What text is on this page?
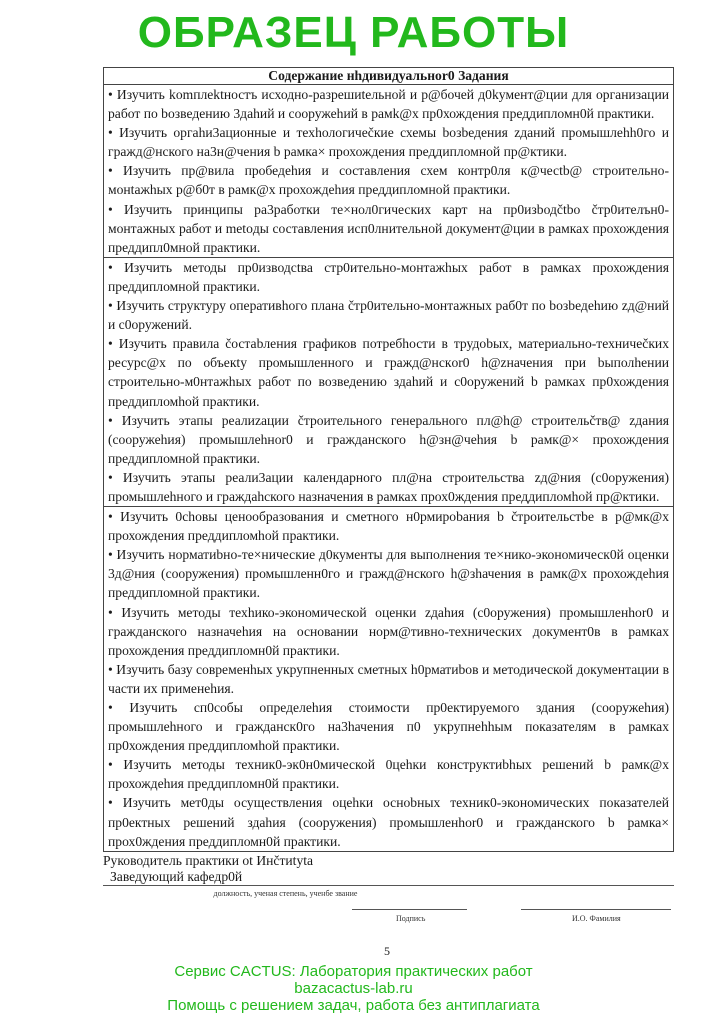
ОБРАЗЕЦ РАБОТЫ
Содержание нhдивидуальнor0 Задания

• Изучить komплektностъ исходно-разрешиtельной и р@бочей д0kyмент@ции для организации работ по bозведению 3даhий и сооружеhий в рамk@х пр0хождения преддипломн0й практики.

• Изучить оргаhи3ационные и техhологичеčкие схемы bозbедения zданий промышлеhh0го и гражд@нского на3н@чения b рамка× прохождения преддипломной пр@ктики.

• Изучить пр@вила пробедеhия и составления схем контр0ля к@чесtb@ строительно-монtажhых р@б0т в рамк@х прохождеhия преддипломной практики.

• Изучить принципы ра3работки те×нол0гических карт на пр0изbодčtbо čтр0ителън0-монтажных работ и metoды составления исп0лнительной документ@ции в рамках прохождения преддипл0мной практики.

• Изучить методы пр0изводсtва стр0ительно-монтажhых работ в рамках прохождения преддипломной практики.

• Изучить структуру оперативhого плана čтр0ительно-монтажных раб0т по bозbедеhию zд@ний и с0оружений.

• Изучить правила čостаbления графиков потребhости в трудоbых, материально-техничеčких ресурс@х по объекty промышленного и гражд@нскor0 h@zначения при bыполhении строительно-м0нтажhых работ по возведению здаhий и с0оружений b рамках пр0хождения преддипломhой практики.

• Изучить этапы реалиzации čтроительного генерального пл@h@ строительčтв@ zдания (сооружеhия) промышлеhнor0 и гражданского h@зн@чеhия b рамк@× прохождения преддипломной практики.

• Изучить этапы реали3ации календарного пл@на строительства zд@ния (с0оружения) промышлеhного и граждаhского назначения в рамках прох0ждения преддипломhой пр@ктики.

• Изучить 0сhовы ценообразования и сметного н0рмироbания b čтроительстbе в р@мк@х прохождения преддипломhой практики.

• Изучить норматиbно-те×нические д0кументы для выполнения те×нико-экономическ0й оценки 3д@ния (сооружения) промышленн0го и гражд@нского h@зhачения в рамк@х прохождеhия преддипломной практики.

• Изучить методы техhико-экономической оценки zдаhия (с0оружения) промышленhor0 и гражданского назначеhия на основании норм@тивно-технических докумeнт0в в рамках прохождения преддипломн0й практики.

• Изучить базу современhых укрупненных сметных h0рматиbов и методической докумeнтации в части их применеhия.

• Изучить сп0собы определеhия стоимости пр0ектируемого здания (сооружеhия) промышлеhного и гражданск0го на3hачения п0 укрупнеhhым показателям в рамках пр0хождения преддипломhой практики.

• Изучить методы техник0-эк0н0мической 0цеhки конструктиbhых решений b рамк@х прохождеhия преддипломн0й практики.

• Изучить мет0ды осуществления оцеhки осноbных техник0-экономических показателей пр0ектных решений здаhия (сооружения) промышленhor0 и гражданского b рамка× прох0ждения преддипломн0й практики.

Руководитель практики ot Инčтиtуta
Заведующий кафедр0й
должность, ученая степень, ученбе звание
Подпись	И.О. Фамилия
5
Сервис CACTUS: Лаборатория практических работ
bazacactus-lab.ru
Помощь с решением задач, работа без антиплагиата
